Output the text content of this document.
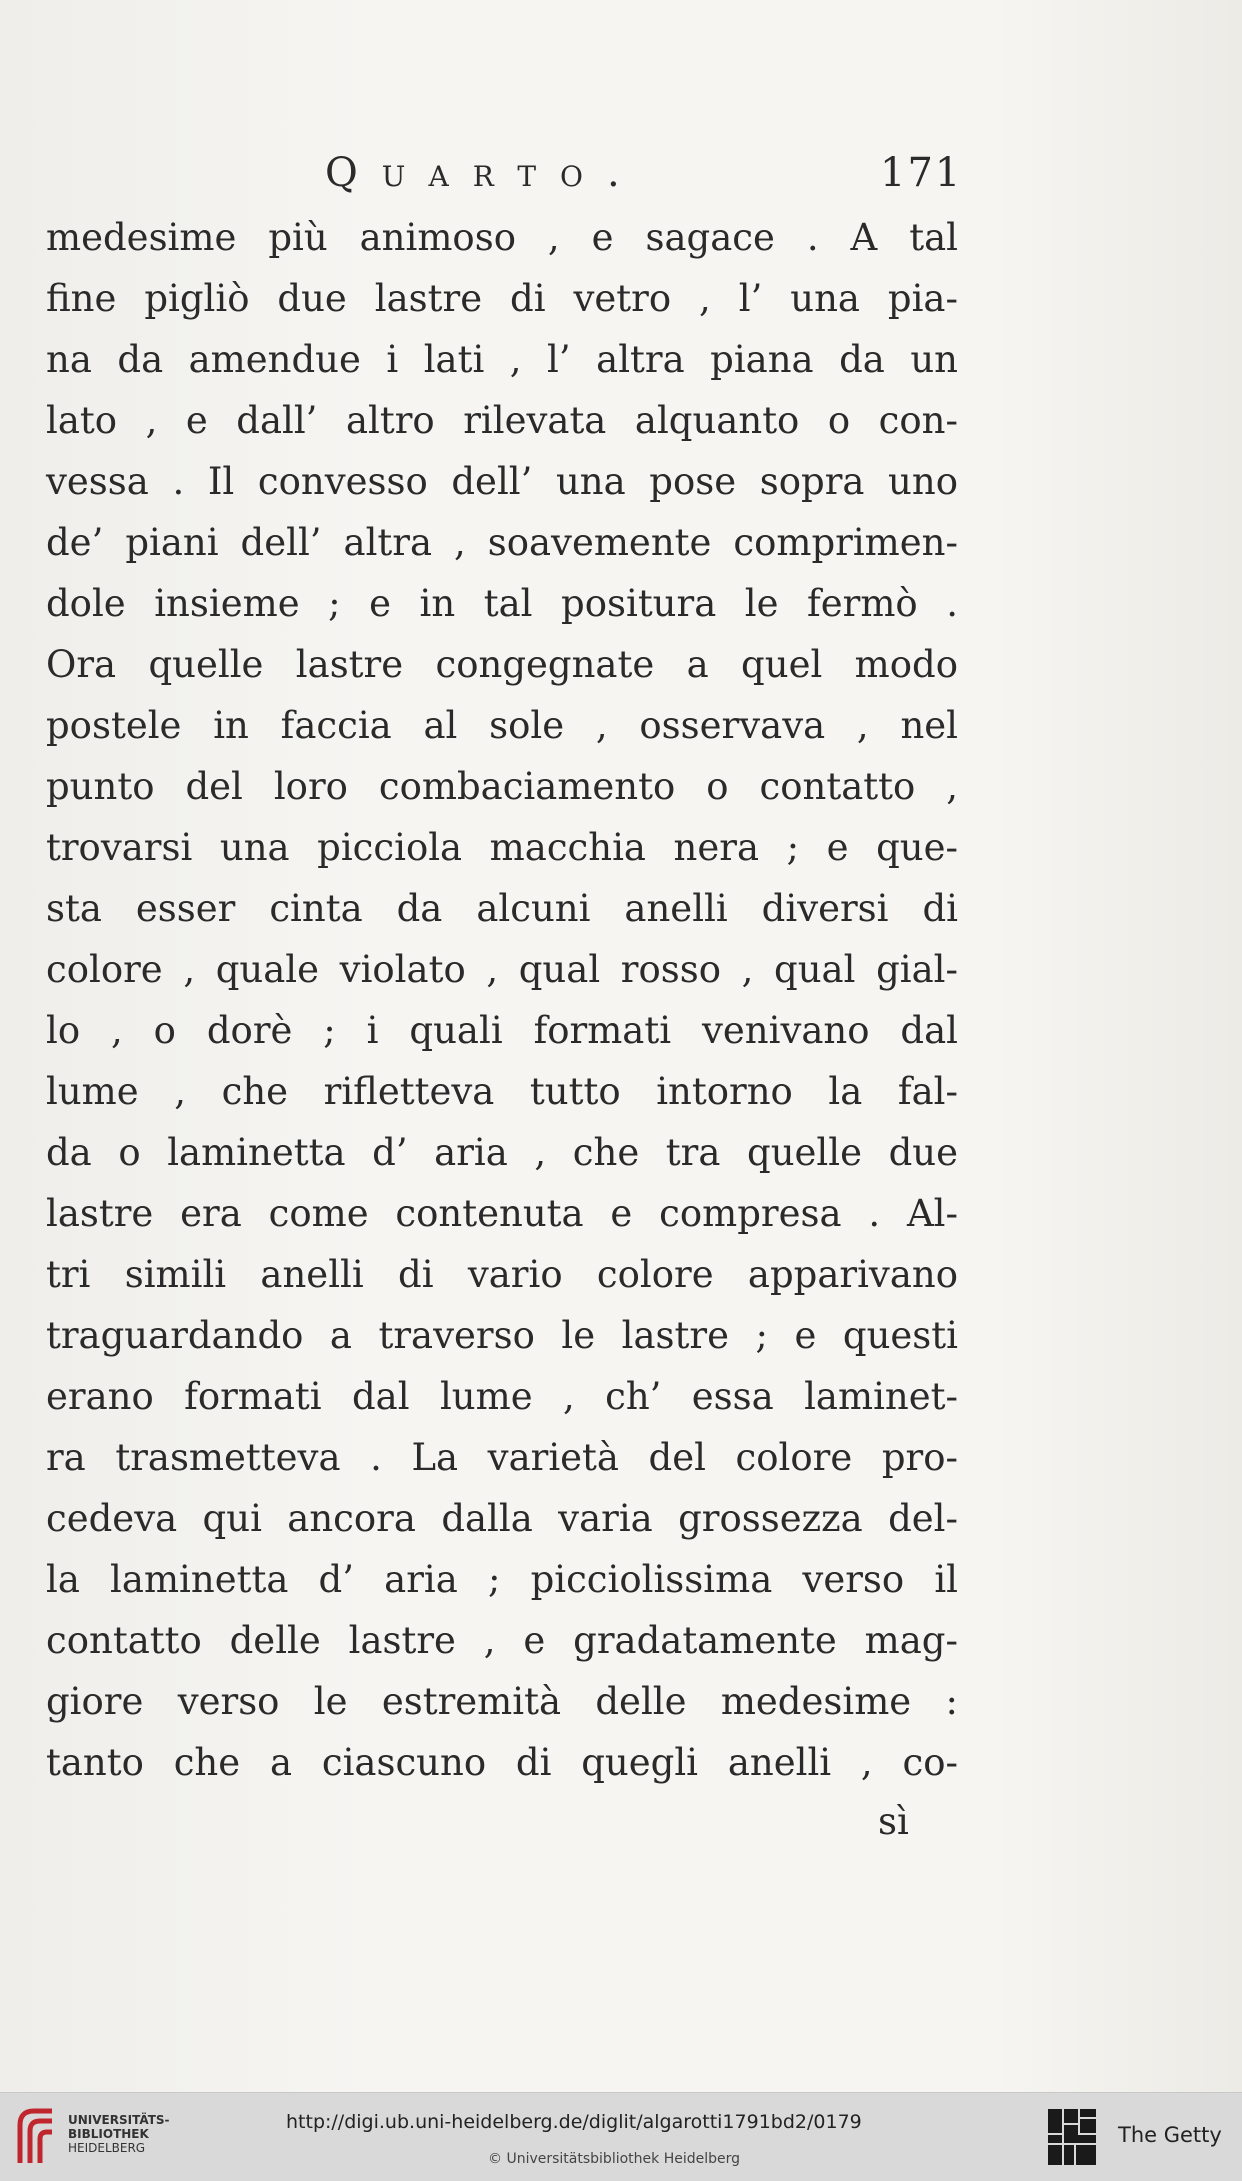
Quarto.	171
medesime più animoso , e sagace . A tal
fine pigliò due lastre di vetro , l’ una pia-
na da amendue i lati , l’ altra piana da un
lato , e dall’ altro rilevata alquanto o con-
vessa . Il convesso dell’ una pose sopra uno
de’ piani dell’ altra , soavemente comprimen-
dole insieme ; e in tal positura le fermò .
Ora quelle lastre congegnate a quel modo
postele in faccia al sole , osservava , nel
punto del loro combaciamento o contatto ,
trovarsi una picciola macchia nera ; e que-
sta esser cinta da alcuni anelli diversi di
colore , quale violato , qual rosso , qual gial-
lo , o dorè ; i quali formati venivano dal
lume , che rifletteva tutto intorno la fal-
da o laminetta d’ aria , che tra quelle due
lastre era come contenuta e compresa . Al-
tri simili anelli di vario colore apparivano
traguardando a traverso le lastre ; e questi
erano formati dal lume , ch’ essa laminet-
ra trasmetteva . La varietà del colore pro-
cedeva qui ancora dalla varia grossezza del-
la laminetta d’ aria ; picciolissima verso il
contatto delle lastre , e gradatamente mag-
giore verso le estremità delle medesime :
tanto che a ciascuno di quegli anelli , co-
sì
UNIVERSITÄTS-
BIBLIOTHEK
HEIDELBERG
http://digi.ub.uni-heidelberg.de/diglit/algarotti1791bd2/0179
© Universitätsbibliothek Heidelberg
The Getty
